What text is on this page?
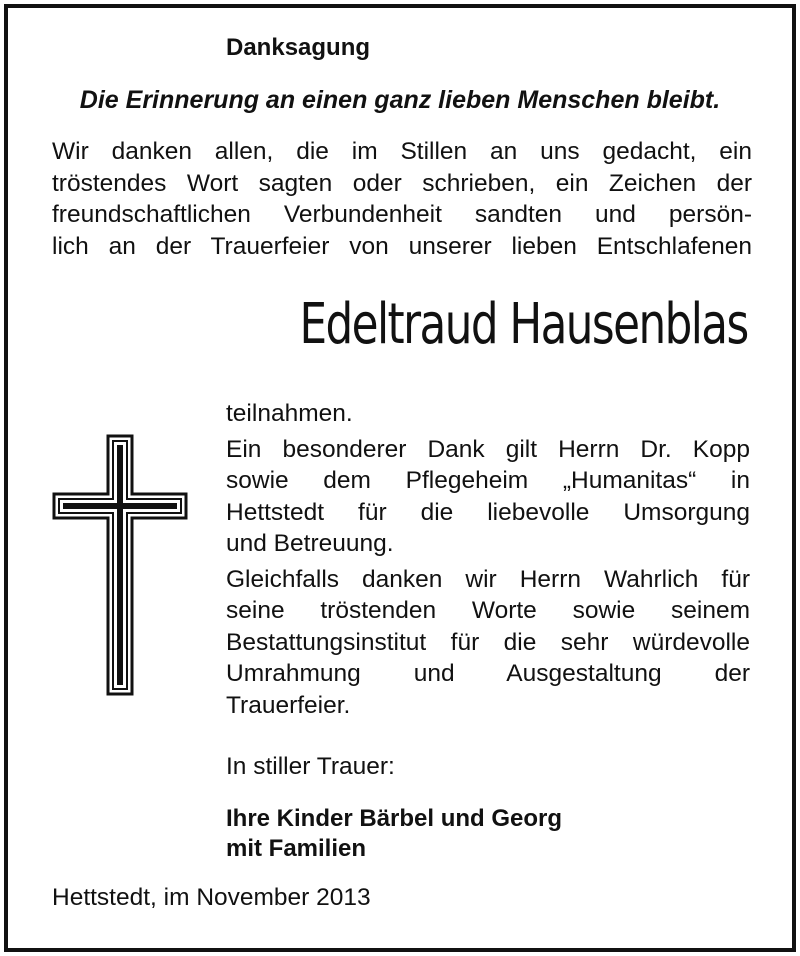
Danksagung

Die Erinnerung an einen ganz lieben Menschen bleibt.

Wir danken allen, die im Stillen an uns gedacht, ein
tröstendes Wort sagten oder schrieben, ein Zeichen der
freundschaftlichen Verbundenheit sandten und persön-
lich an der Trauerfeier von unserer lieben Entschlafenen

Edeltraud Hausenblas

teilnahmen.

Ein besonderer Dank gilt Herrn Dr. Kopp
sowie dem Pflegeheim „Humanitas“ in
Hettstedt für die liebevolle Umsorgung
und Betreuung.

Gleichfalls danken wir Herrn Wahrlich für
seine tröstenden Worte sowie seinem
Bestattungsinstitut für die sehr würdevolle
Umrahmung und Ausgestaltung der
Trauerfeier.

In stiller Trauer:

Ihre Kinder Bärbel und Georg
mit Familien

Hettstedt, im November 2013
